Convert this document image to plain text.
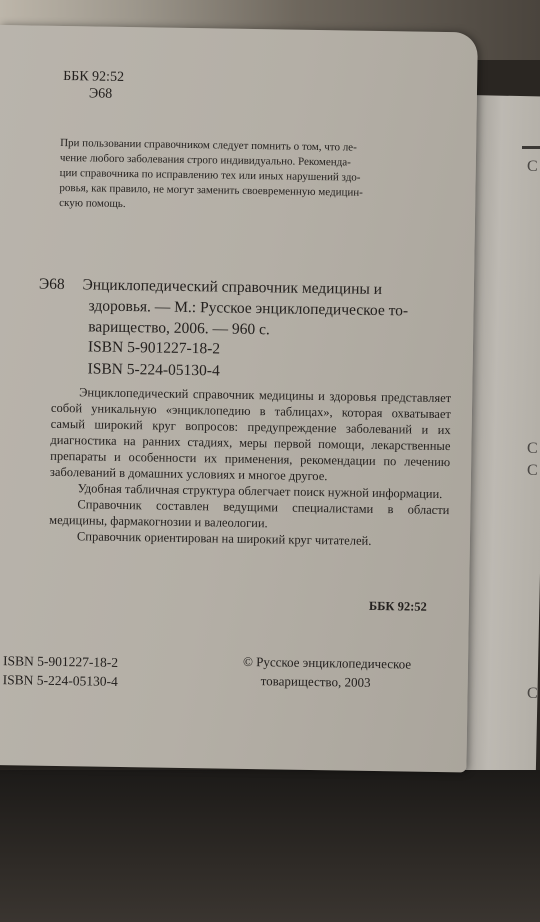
С
С
С
С
ББК 92:52
Э68
При пользовании справочником следует помнить о том, что ле-
чение любого заболевания строго индивидуально. Рекоменда-
ции справочника по исправлению тех или иных нарушений здо-
ровья, как правило, не могут заменить своевременную медицин-
скую помощь.
Э68 Энциклопедический справочник медицины и
здоровья. — М.: Русское энциклопедическое то-
варищество, 2006. — 960 с.
ISBN 5-901227-18-2
ISBN 5-224-05130-4

Энциклопедический справочник медицины и здоровья представляет собой уникальную «энциклопедию в таблицах», которая охватывает самый широкий круг вопросов: предупреждение заболеваний и их диагностика на ранних стадиях, меры первой помощи, лекарственные препараты и особенности их применения, рекомендации по лечению заболеваний в домашних условиях и многое другое.

Удобная табличная структура облегчает поиск нужной информации.

Справочник составлен ведущими специалистами в области медицины, фармакогнозии и валеологии.

Справочник ориентирован на широкий круг читателей.

ББК 92:52
ISBN 5-901227-18-2
ISBN 5-224-05130-4
© Русское энциклопедическое
товарищество, 2003
